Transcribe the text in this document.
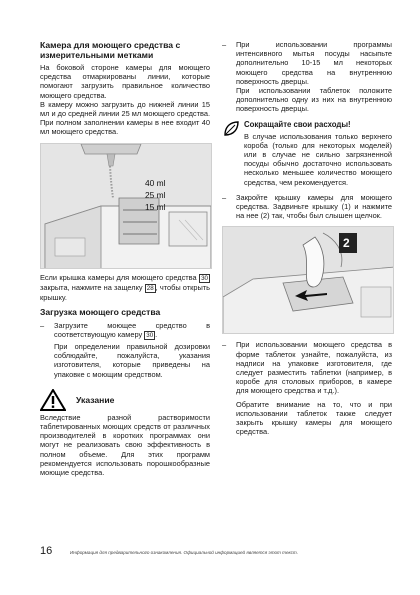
Камера для моющего средства с измерительными метками
На боковой стороне камеры для моющего средства отмаркированы линии, которые помогают загрузить правильное количество моющего средства.
В камеру можно загрузить до нижней линии 15 мл и до средней линии 25 мл моющего средства. При полном заполнении камеры в нее входит 40 мл моющего средства.
40 ml
25 ml
15 ml
Если крышка камеры для моющего средства 30 закрыта, нажмите на защелку 28 , чтобы открыть крышку.
Загрузка моющего средства
–	Загрузите моющее средство в соответствующую камеру 30 .
При определении правильной дозировки соблюдайте, пожалуйста, указания изготовителя, которые приведены на упаковке с моющим средством.
Указание
Вследствие разной растворимости таблетированных моющих средств от различных производителей в коротких программах они могут не реализовать свою эффективность в полном объеме. Для этих программ рекомендуется использовать порошкообразные моющие средства.
–	При использовании программы интенсивного мытья посуды насыпьте дополнительно 10-15 мл некоторых моющего средства на внутреннюю поверхность дверцы.
При использовании таблеток положите дополнительно одну из них на внутреннюю поверхность дверцы.
Сокращайте свои расходы!
В случае использования только верхнего короба (только для некоторых моделей) или в случае не сильно загрязненной посуды обычно достаточно использовать несколько меньшее количество моющего средства, чем рекомендуется.
–	Закройте крышку камеры для моющего средства. Задвиньте крышку (1) и нажмите на нее (2) так, чтобы был слышен щелчок.
2
–	При использовании моющего средства в форме таблеток узнайте, пожалуйста, из надписи на упаковке изготовителя, где следует разместить таблетки (например, в коробе для столовых приборов, в камере для моющего средства и т.д.).
Обратите внимание на то, что и при использовании таблеток также следует закрыть крышку камеры для моющего средства.
16	Информация для предварительного ознакомления. Официальной информацией является этот текст.
